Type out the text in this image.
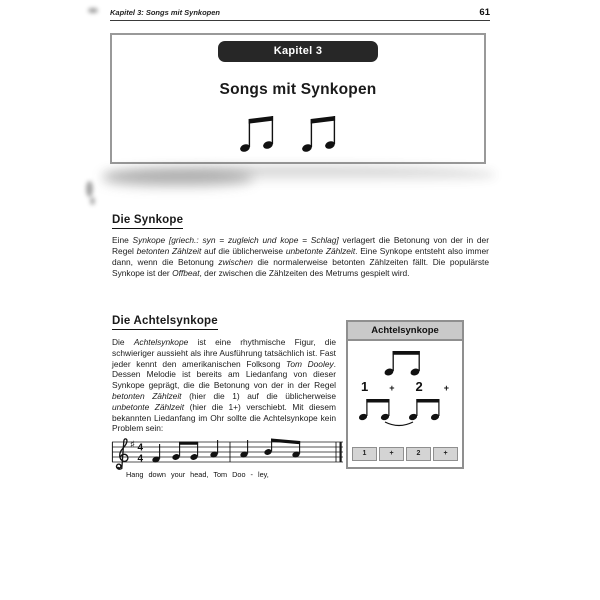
Kapitel 3: Songs mit Synkopen	61
Kapitel 3
Songs mit Synkopen
Die Synkope

Eine Synkope [griech.: syn = zugleich und kope = Schlag] verlagert die Betonung von der in der Regel betonten Zählzeit auf die üblicherweise unbetonte Zählzeit. Eine Synkope entsteht also immer dann, wenn die Betonung zwischen die normalerweise betonten Zählzeiten fällt. Die populärste Synkope ist der Offbeat, der zwischen die Zählzeiten des Metrums gespielt wird.

Die Achtelsynkope

Die Achtelsynkope ist eine rhythmische Figur, die schwieriger aussieht als ihre Ausführung tatsächlich ist. Fast jeder kennt den amerikanischen Folksong Tom Dooley. Dessen Melodie ist bereits am Liedanfang von dieser Synkope geprägt, die die Betonung von der in der Regel betonten Zählzeit (hier die 1) auf die üblicherweise unbetonte Zählzeit (hier die 1+) verschiebt. Mit diesem bekannten Liedanfang im Ohr sollte die Achtelsynkope kein Problem sein:

Achtelsynkope
1 + 2 +
1	+	2	+
♯ 4
4
Hang down your head, Tom Doo - ley,
